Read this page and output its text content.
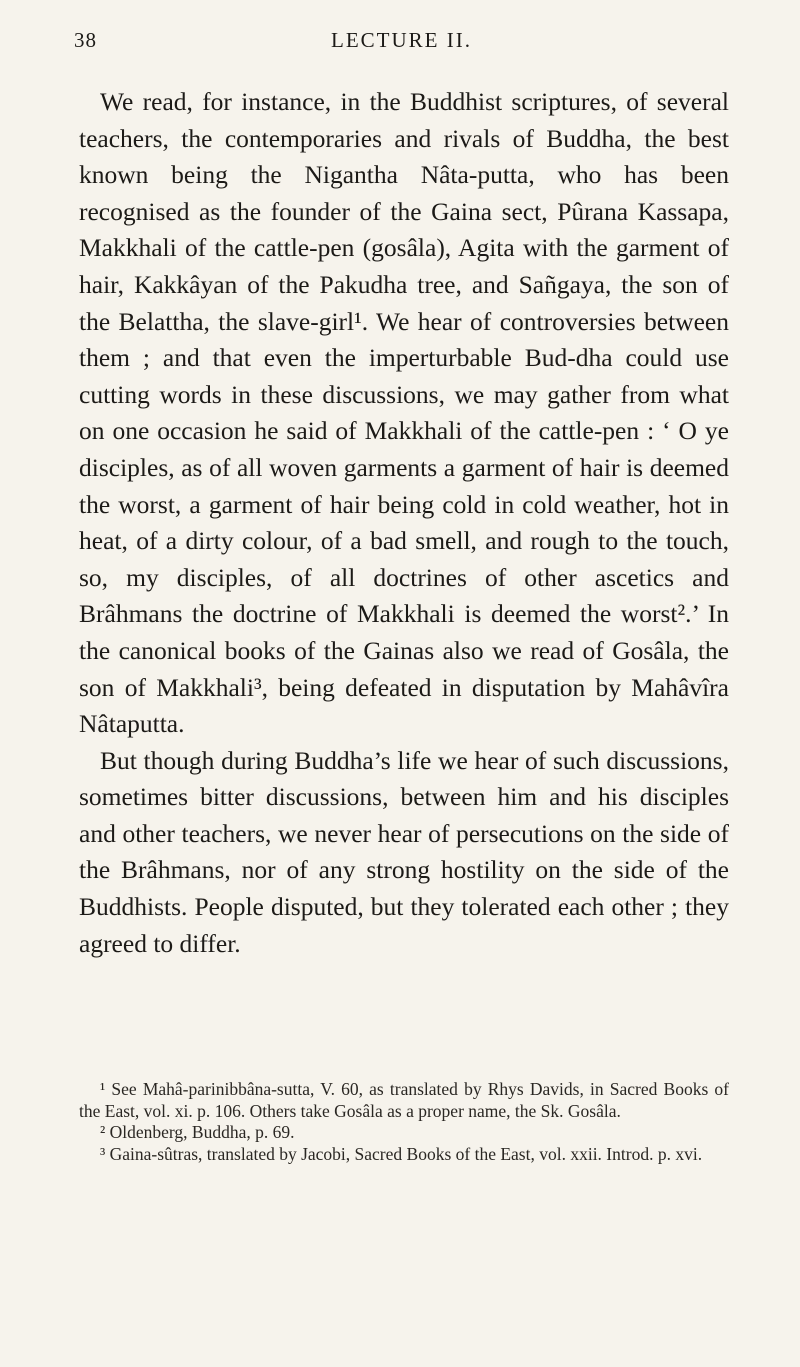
38	LECTURE II.

We read, for instance, in the Buddhist scriptures, of several teachers, the contemporaries and rivals of Buddha, the best known being the Nigantha Nâta-putta, who has been recognised as the founder of the Gaina sect, Pûrana Kassapa, Makkhali of the cattle-pen (gosâla), Agita with the garment of hair, Kakkâyan of the Pakudha tree, and Sañgaya, the son of the Belattha, the slave-girl¹. We hear of controversies between them ; and that even the imperturbable Bud-dha could use cutting words in these discussions, we may gather from what on one occasion he said of Makkhali of the cattle-pen : ‘ O ye disciples, as of all woven garments a garment of hair is deemed the worst, a garment of hair being cold in cold weather, hot in heat, of a dirty colour, of a bad smell, and rough to the touch, so, my disciples, of all doctrines of other ascetics and Brâhmans the doctrine of Makkhali is deemed the worst².’ In the canonical books of the Gainas also we read of Gosâla, the son of Makkhali³, being defeated in disputation by Mahâvîra Nâtaputta.

But though during Buddha’s life we hear of such discussions, sometimes bitter discussions, between him and his disciples and other teachers, we never hear of persecutions on the side of the Brâhmans, nor of any strong hostility on the side of the Buddhists. People disputed, but they tolerated each other ; they agreed to differ.

¹ See Mahâ-parinibbâna-sutta, V. 60, as translated by Rhys Davids, in Sacred Books of the East, vol. xi. p. 106. Others take Gosâla as a proper name, the Sk. Gosâla.

² Oldenberg, Buddha, p. 69.

³ Gaina-sûtras, translated by Jacobi, Sacred Books of the East, vol. xxii. Introd. p. xvi.
